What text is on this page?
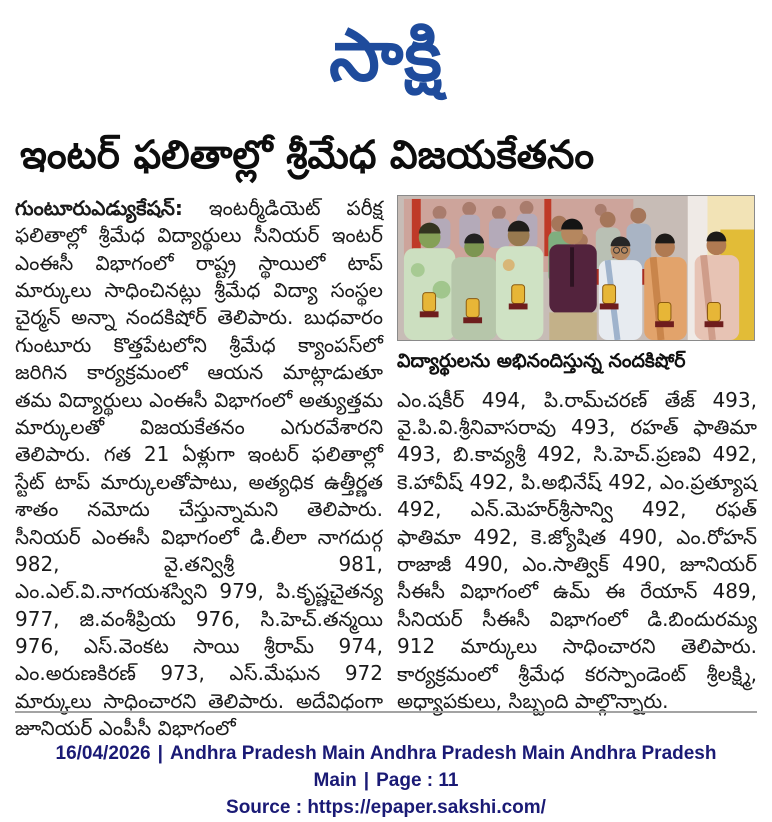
సాక్షి
ఇంటర్ ఫలితాల్లో శ్రీమేధ విజయకేతనం

గుంటూరుఎడ్యుకేషన్: ఇంటర్మీడియెట్ పరీక్ష ఫలితాల్లో శ్రీమేధ విద్యార్థులు సీనియర్ ఇంటర్ ఎంఈసీ విభాగంలో రాష్ట్ర స్థాయిలో టాప్ మార్కులు సాధించినట్లు శ్రీమేధ విద్యా సంస్థల చైర్మన్ అన్నా నందకిషోర్ తెలిపారు. బుధవారం గుంటూరు కొత్తపేటలోని శ్రీమేధ క్యాంపస్‌లో జరిగిన కార్యక్రమంలో ఆయన మాట్లాడుతూ తమ విద్యార్థులు ఎంఈసీ విభాగంలో అత్యుత్తమ మార్కులతో విజయకేతనం ఎగురవేశారని తెలిపారు. గత 21 ఏళ్లుగా ఇంటర్ ఫలితాల్లో స్టేట్ టాప్ మార్కులతోపాటు, అత్యధిక ఉత్తీర్ణత శాతం నమోదు చేస్తున్నామని తెలిపారు. సీనియర్ ఎంఈసీ విభాగంలో డి.లీలా నాగదుర్గ 982, వై.తన్విశ్రీ 981, ఎం.ఎల్.వి.నాగయశస్విని 979, పి.కృష్ణచైతన్య 977, జి.వంశీప్రియ 976, సి.హెచ్.తన్మయి 976, ఎస్.వెంకట సాయి శ్రీరామ్ 974, ఎం.అరుణకిరణ్ 973, ఎస్.మేఘన 972 మార్కులు సాధించారని తెలిపారు. అదేవిధంగా జూనియర్ ఎంపీసీ విభాగంలో

విద్యార్థులను అభినందిస్తున్న నందకిషోర్

ఎం.షకీర్ 494, పి.రామ్‌చరణ్ తేజ్ 493, వై.పి.వి.శ్రీనివాసరావు 493, రహత్ ఫాతిమా 493, బి.కావ్యశ్రీ 492, సి.హెచ్.ప్రణవి 492, కె.హావీష్ 492, పి.అభినేష్ 492, ఎం.ప్రత్యూష 492, ఎన్.మెహర్‌శ్రీసాన్వి 492, రఫత్ ఫాతిమా 492, కె.జ్యోషిత 490, ఎం.రోహన్ రాజాజీ 490, ఎం.సాత్విక్ 490, జూనియర్ సీఈసీ విభాగంలో ఉమ్ ఈ రేయాన్ 489, సీనియర్ సీఈసీ విభాగంలో డి.బిందురమ్య 912 మార్కులు సాధించారని తెలిపారు. కార్యక్రమంలో శ్రీమేధ కరస్పాండెంట్ శ్రీలక్ష్మి, అధ్యాపకులు, సిబ్బంది పాల్గొన్నారు.

16/04/2026 | Andhra Pradesh Main Andhra Pradesh Main Andhra Pradesh Main | Page : 11
Source : https://epaper.sakshi.com/
